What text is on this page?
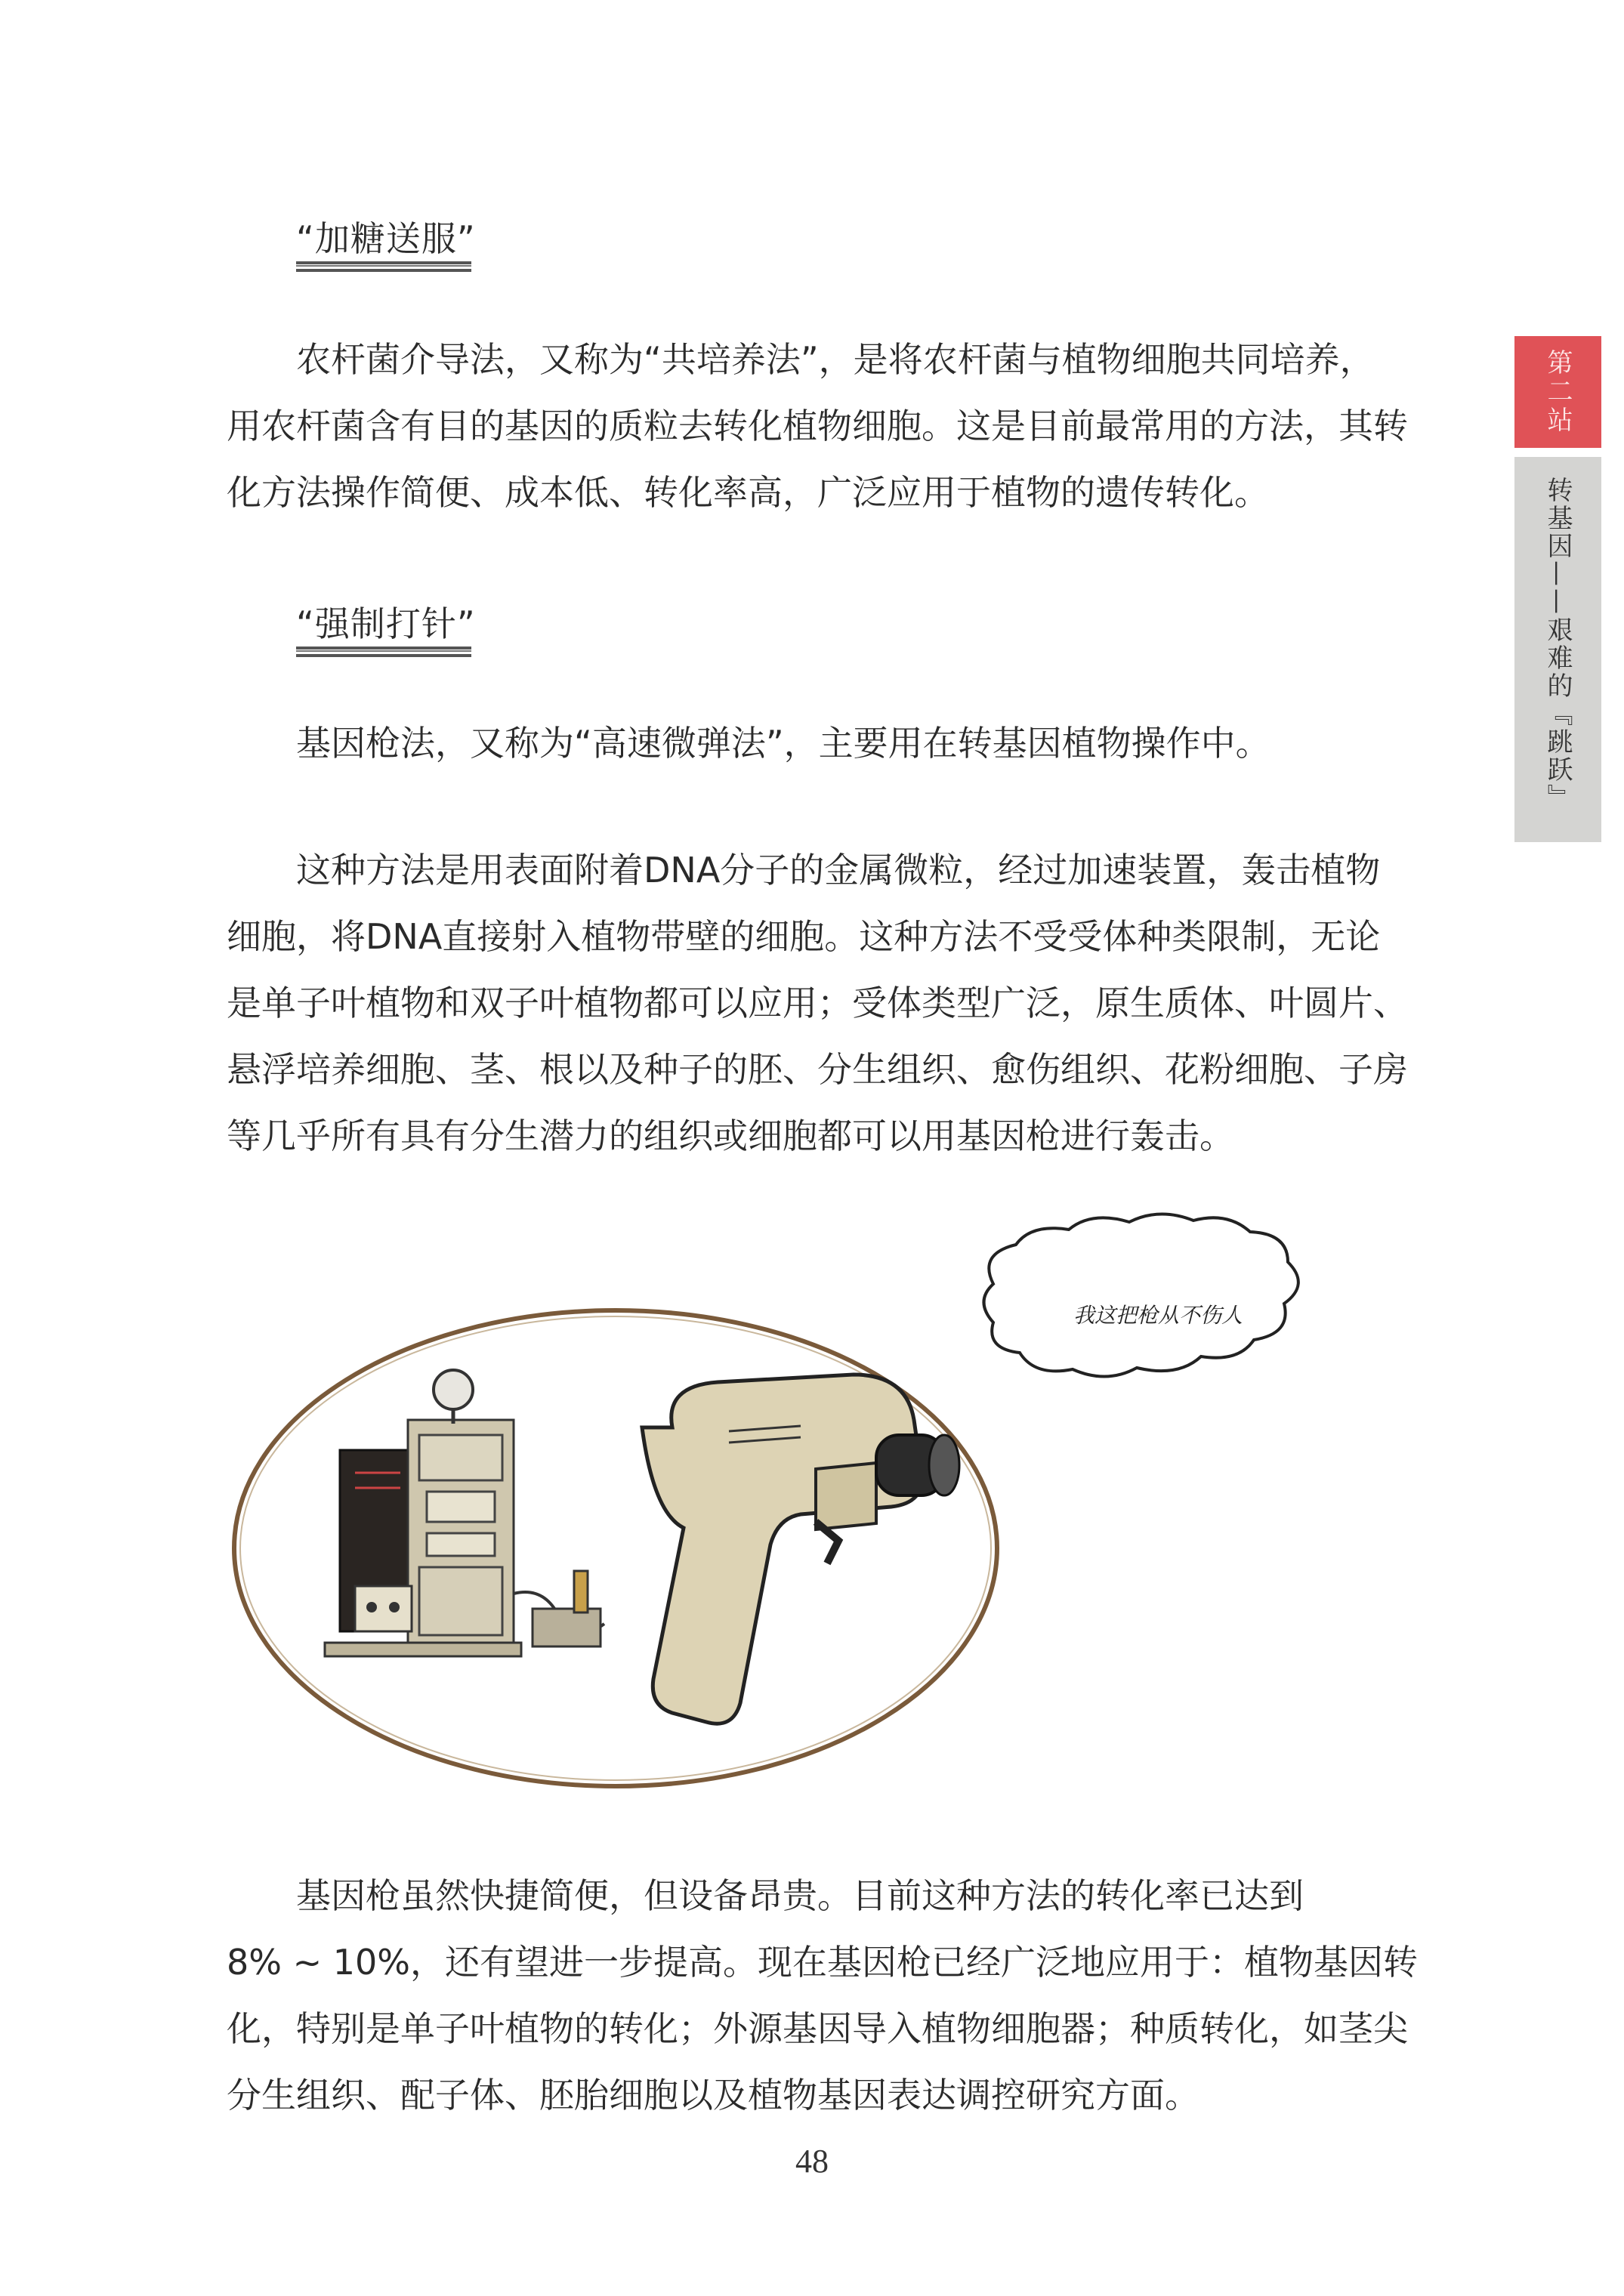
“加糖送服”

农杆菌介导法，又称为“共培养法”，是将农杆菌与植物细胞共同培养，

用农杆菌含有目的基因的质粒去转化植物细胞。这是目前最常用的方法，其转

化方法操作简便、成本低、转化率高，广泛应用于植物的遗传转化。

“强制打针”

基因枪法，又称为“高速微弹法”，主要用在转基因植物操作中。

这种方法是用表面附着DNA分子的金属微粒，经过加速装置，轰击植物

细胞，将DNA直接射入植物带壁的细胞。这种方法不受受体种类限制，无论

是单子叶植物和双子叶植物都可以应用；受体类型广泛，原生质体、叶圆片、

悬浮培养细胞、茎、根以及种子的胚、分生组织、愈伤组织、花粉细胞、子房

等几乎所有具有分生潜力的组织或细胞都可以用基因枪进行轰击。

我这把枪从不伤人

基因枪虽然快捷简便，但设备昂贵。目前这种方法的转化率已达到

8% ~ 10%，还有望进一步提高。现在基因枪已经广泛地应用于：植物基因转

化，特别是单子叶植物的转化；外源基因导入植物细胞器；种质转化，如茎尖

分生组织、配子体、胚胎细胞以及植物基因表达调控研究方面。

第二站
转基因——艰难的『跳跃』
48
